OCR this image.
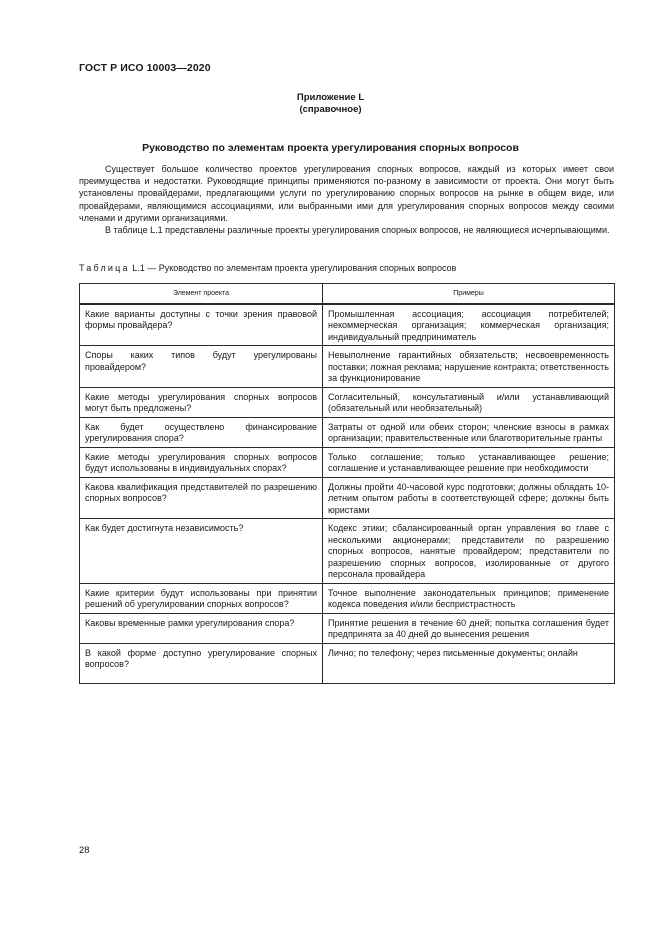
ГОСТ Р ИСО 10003—2020
Приложение L
(справочное)
Руководство по элементам проекта урегулирования спорных вопросов

Существует большое количество проектов урегулирования спорных вопросов, каждый из которых имеет свои преимущества и недостатки. Руководящие принципы применяются по-разному в зависимости от проекта. Они могут быть установлены провайдерами, предлагающими услуги по урегулированию спорных вопросов на рынке в общем виде, или провайдерами, являющимися ассоциациями, или выбранными ими для урегулирования спорных вопросов между своими членами и другими организациями.

В таблице L.1 представлены различные проекты урегулирования спорных вопросов, не являющиеся исчерпывающими.

Таблица L.1 — Руководство по элементам проекта урегулирования спорных вопросов
Элемент проекта	Примеры

Какие варианты доступны с точки зрения правовой формы провайдера?	Промышленная ассоциация; ассоциация потребителей; некоммерческая организация; коммерческая организация; индивидуальный предприниматель
Споры каких типов будут урегулированы провайдером?	Невыполнение гарантийных обязательств; несвоевременность поставки; ложная реклама; нарушение контракта; ответственность за функционирование
Какие методы урегулирования спорных вопросов могут быть предложены?	Согласительный, консультативный и/или устанавливающий (обязательный или необязательный)
Как будет осуществлено финансирование урегулирования спора?	Затраты от одной или обеих сторон; членские взносы в рамках организации; правительственные или благотворительные гранты
Какие методы урегулирования спорных вопросов будут использованы в индивидуальных спорах?	Только соглашение; только устанавливающее решение; соглашение и устанавливающее решение при необходимости
Какова квалификация представителей по разрешению спорных вопросов?	Должны пройти 40-часовой курс подготовки; должны обладать 10-летним опытом работы в соответствующей сфере; должны быть юристами
Как будет достигнута независимость?	Кодекс этики; сбалансированный орган управления во главе с несколькими акционерами; представители по разрешению спорных вопросов, нанятые провайдером; представители по разрешению спорных вопросов, изолированные от другого персонала провайдера
Какие критерии будут использованы при принятии решений об урегулировании спорных вопросов?	Точное выполнение законодательных принципов; применение кодекса поведения и/или беспристрастность
Каковы временные рамки урегулирования спора?	Принятие решения в течение 60 дней; попытка соглашения будет предпринята за 40 дней до вынесения решения
В какой форме доступно урегулирование спорных вопросов?	Лично; по телефону; через письменные документы; онлайн
28
